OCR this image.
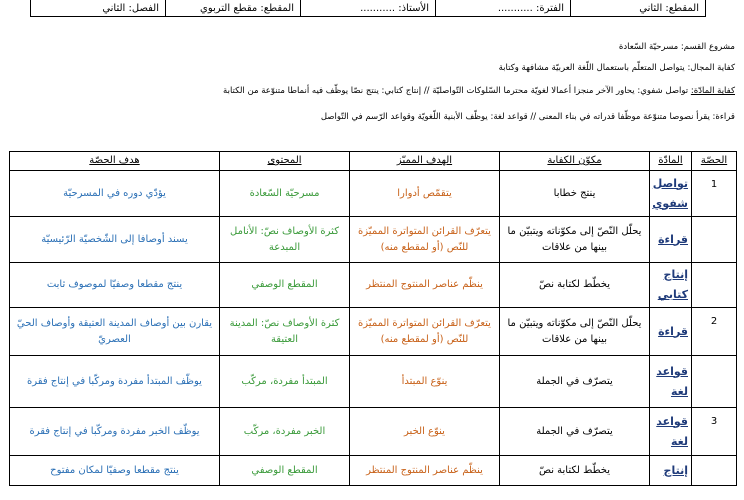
المقطع: الثاني
الفترة: ...........
الأستاذ: ...........
المقطع: مقطع التربوي
الفصل: الثاني
مشروع القسم: مسرحيّة السّعادة
كفاية المجال: يتواصل المتعلّم باستعمال اللّغة العربيّة مشافهة وكتابة
كفاية المادّة: تواصل شفوي: يحاور الآخر منجزا أعمالا لغويّة محترما السّلوكات التّواصليّة // إنتاج كتابي: ينتج نصّا يوظّف فيه أنماطا متنوّعة من الكتابة
قراءة: يقرأ نصوصا متنوّعة موظّفا قدراته في بناء المعنى // قواعد لغة: يوظّف الأبنية اللّغويّة وقواعد الرّسم في التّواصل
الحصّة	المادّة	مكوّن الكفاية	الهدف المميّز	المحتوى	هدف الحصّة
1	تواصل شفوي	ينتج خطابا	يتقمّص أدوارا	مسرحيّة السّعادة	يؤدّي دوره في المسرحيّة
	قراءة	يحلّل النّصّ إلى مكوّناته ويتبيّن ما بينها من علاقات	يتعرّف القرائن المتواترة المميّزة للنّص (أو لمقطع منه)	كثرة الأوصاف نصّ: الأنامل المبدعة	يسند أوصافا إلى الشّخصيّة الرّئيسيّة
	إنتاج كتابي	يخطّط لكتابة نصّ	ينظّم عناصر المنتوج المنتظر	المقطع الوصفي	ينتج مقطعا وصفيّا لموصوف ثابت
2	قراءة	يحلّل النّصّ إلى مكوّناته ويتبيّن ما بينها من علاقات	يتعرّف القرائن المتواترة المميّزة للنّص (أو لمقطع منه)	كثرة الأوصاف نصّ: المدينة العتيقة	يقارن بين أوصاف المدينة العتيقة وأوصاف الحيّ العصريّ
	قواعد لغة	يتصرّف في الجملة	ينوّع المبتدأ	المبتدأ مفردة، مركّب	يوظّف المبتدأ مفردة ومركّبا في إنتاج فقرة
3	قواعد لغة	يتصرّف في الجملة	ينوّع الخبر	الخبر مفردة، مركّب	يوظّف الخبر مفردة ومركّبا في إنتاج فقرة
	إنتاج	يخطّط لكتابة نصّ	ينظّم عناصر المنتوج المنتظر	المقطع الوصفي	ينتج مقطعا وصفيّا لمكان مفتوح
